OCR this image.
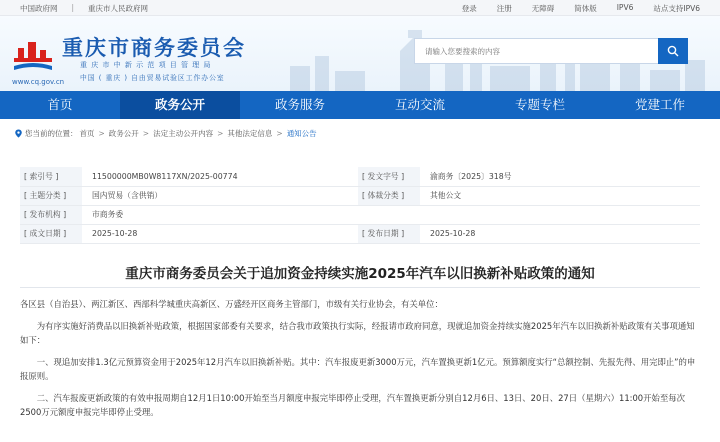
中国政府网 | 重庆市人民政府网	登录	注册	无障碍	简体版	IPV6	站点支持IPV6
重庆市商务委员会
重 庆 市 中 新 示 范 项 目 管 理 局
中国 ( 重庆 ) 自由贸易试验区工作办公室
www.cq.gov.cn
请输入您要搜索的内容
首页	政务公开	政务服务	互动交流	专题专栏	党建工作
您当前的位置： 首页 > 政务公开 > 法定主动公开内容 > 其他法定信息 > 通知公告
[ 索引号 ]	11500000MB0W8117XN/2025-00774	[ 发文字号 ]	渝商务〔2025〕318号
[ 主题分类 ]	国内贸易（含供销）	[ 体裁分类 ]	其他公文
[ 发布机构 ]	市商务委		
[ 成文日期 ]	2025-10-28	[ 发布日期 ]	2025-10-28
重庆市商务委员会关于追加资金持续实施2025年汽车以旧换新补贴政策的通知

各区县（自治县）、两江新区、西部科学城重庆高新区、万盛经开区商务主管部门，市级有关行业协会，有关单位：

为有序实施好消费品以旧换新补贴政策，根据国家部委有关要求，结合我市政策执行实际，经报请市政府同意，现就追加资金持续实施2025年汽车以旧换新补贴政策有关事项通知如下：

一、现追加安排1.3亿元预算资金用于2025年12月汽车以旧换新补贴。其中：汽车报废更新3000万元，汽车置换更新1亿元。预算额度实行“总额控制、先报先得、用完即止”的申报原则。

二、汽车报废更新政策的有效申报周期自12月1日10:00开始至当月额度申报完毕即停止受理，汽车置换更新分别自12月6日、13日、20日、27日（星期六）11:00开始至每次2500万元额度申报完毕即停止受理。
